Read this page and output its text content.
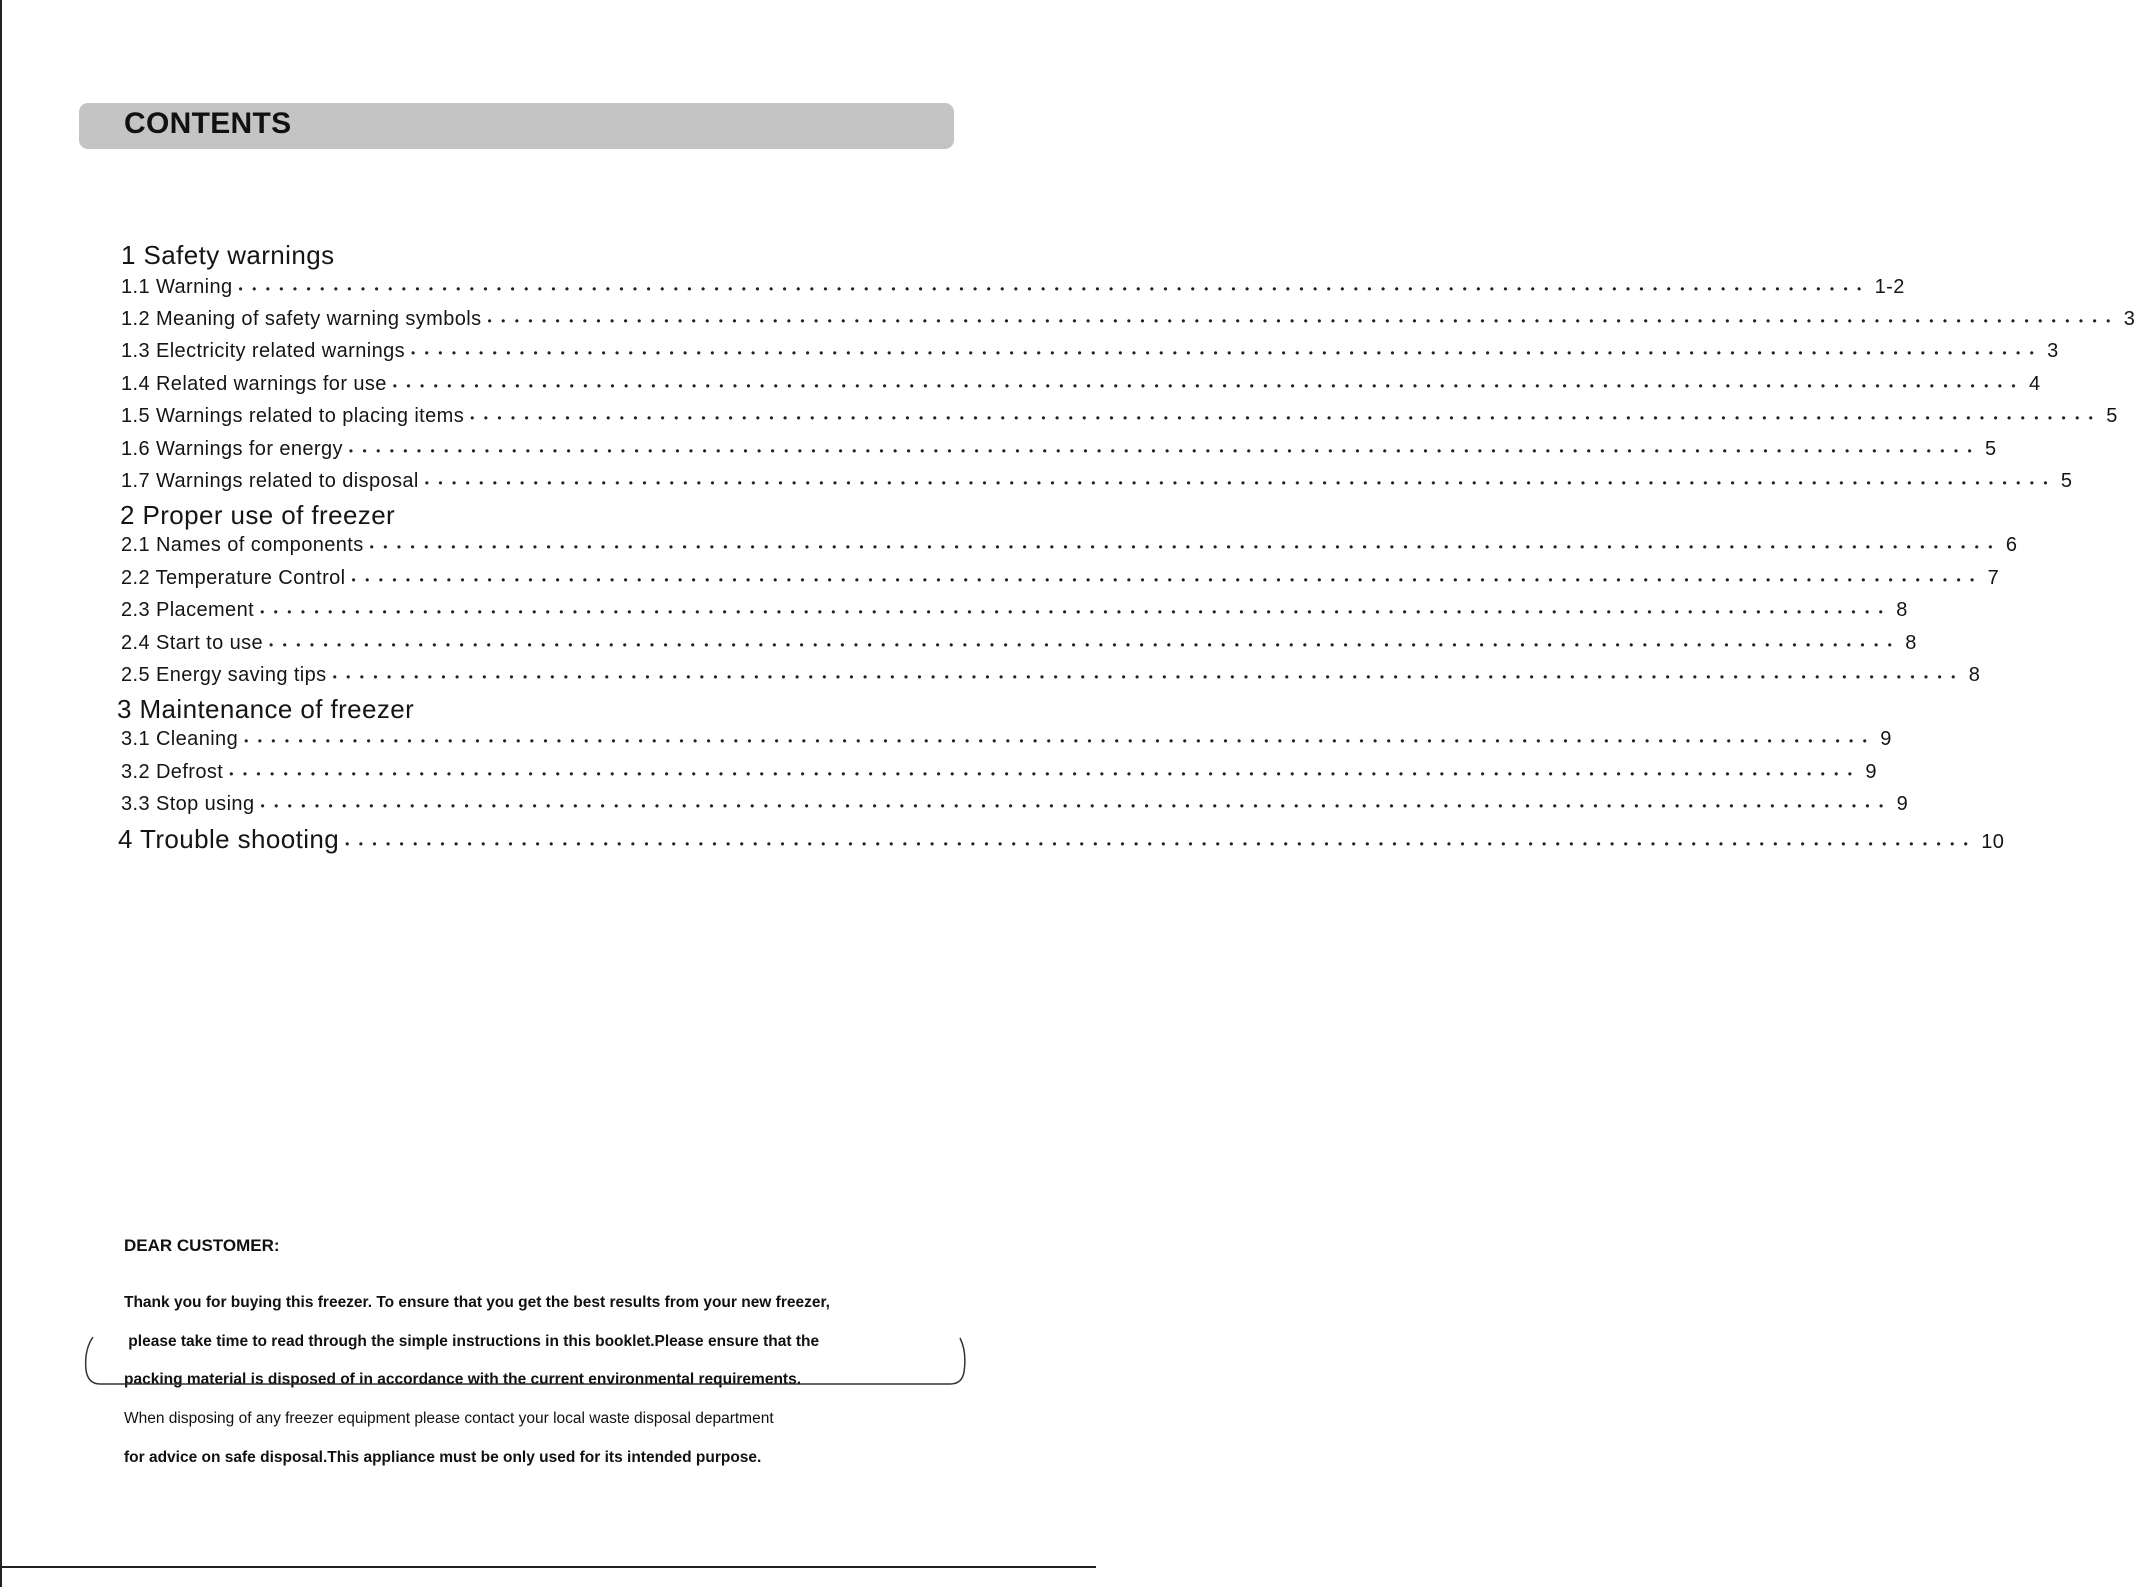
CONTENTS
1 Safety warnings
1.1 Warning •••••••••••••••••••••••••••••••••••••••••••••••••••••••••••••••••••••••••••••••••••••••••••••••••••••••••••••••••••••••• 1-2
1.2 Meaning of safety warning symbols •••••••••••••••••••••••••••••••••••••••••••••••••••••••••••••••••••••••••••••••••••••••••••••••••••••••••••••••••••••••• 3
1.3 Electricity related warnings •••••••••••••••••••••••••••••••••••••••••••••••••••••••••••••••••••••••••••••••••••••••••••••••••••••••••••••••••••••••• 3
1.4 Related warnings for use •••••••••••••••••••••••••••••••••••••••••••••••••••••••••••••••••••••••••••••••••••••••••••••••••••••••••••••••••••••••• 4
1.5 Warnings related to placing items •••••••••••••••••••••••••••••••••••••••••••••••••••••••••••••••••••••••••••••••••••••••••••••••••••••••••••••••••••••••• 5
1.6 Warnings for energy •••••••••••••••••••••••••••••••••••••••••••••••••••••••••••••••••••••••••••••••••••••••••••••••••••••••••••••••••••••••• 5
1.7 Warnings related to disposal •••••••••••••••••••••••••••••••••••••••••••••••••••••••••••••••••••••••••••••••••••••••••••••••••••••••••••••••••••••••• 5
2 Proper use of freezer
2.1 Names of components •••••••••••••••••••••••••••••••••••••••••••••••••••••••••••••••••••••••••••••••••••••••••••••••••••••••••••••••••••••••• 6
2.2 Temperature Control •••••••••••••••••••••••••••••••••••••••••••••••••••••••••••••••••••••••••••••••••••••••••••••••••••••••••••••••••••••••• 7
2.3 Placement •••••••••••••••••••••••••••••••••••••••••••••••••••••••••••••••••••••••••••••••••••••••••••••••••••••••••••••••••••••••• 8
2.4 Start to use •••••••••••••••••••••••••••••••••••••••••••••••••••••••••••••••••••••••••••••••••••••••••••••••••••••••••••••••••••••••• 8
2.5 Energy saving tips •••••••••••••••••••••••••••••••••••••••••••••••••••••••••••••••••••••••••••••••••••••••••••••••••••••••••••••••••••••••• 8
3 Maintenance of freezer
3.1 Cleaning •••••••••••••••••••••••••••••••••••••••••••••••••••••••••••••••••••••••••••••••••••••••••••••••••••••••••••••••••••••••• 9
3.2 Defrost •••••••••••••••••••••••••••••••••••••••••••••••••••••••••••••••••••••••••••••••••••••••••••••••••••••••••••••••••••••••• 9
3.3 Stop using •••••••••••••••••••••••••••••••••••••••••••••••••••••••••••••••••••••••••••••••••••••••••••••••••••••••••••••••••••••••• 9
4 Trouble shooting •••••••••••••••••••••••••••••••••••••••••••••••••••••••••••••••••••••••••••••••••••••••••••••••••••••••••••••••••••••••• 10
DEAR CUSTOMER:

Thank you for buying this freezer. To ensure that you get the best results from your new freezer,

please take time to read through the simple instructions in this booklet.Please ensure that the

packing material is disposed of in accordance with the current environmental requirements.

When disposing of any freezer equipment please contact your local waste disposal department

for advice on safe disposal.This appliance must be only used for its intended purpose.
